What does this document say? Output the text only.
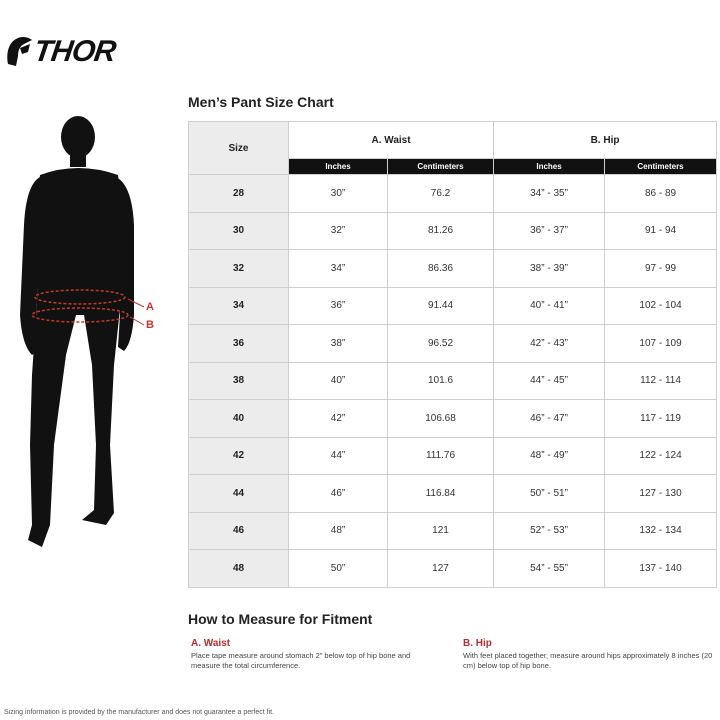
THOR
A
B
Men’s Pant Size Chart
Size	A. Waist		B. Hip	
	Inches	Centimeters	Inches	Centimeters
28	30”	76.2	34” - 35”	86 - 89
30	32”	81.26	36” - 37”	91 - 94
32	34”	86.36	38” - 39”	97 - 99
34	36”	91.44	40” - 41”	102 - 104
36	38”	96.52	42” - 43”	107 - 109
38	40”	101.6	44” - 45”	112 - 114
40	42”	106.68	46” - 47”	117 - 119
42	44”	111.76	48” - 49”	122 - 124
44	46”	116.84	50” - 51”	127 - 130
46	48”	121	52” - 53”	132 - 134
48	50”	127	54” - 55”	137 - 140
How to Measure for Fitment
A. Waist
Place tape measure around stomach 2” below top of hip bone and measure the total circumference.
B. Hip
With feet placed together, measure around hips approximately 8 inches (20 cm) below top of hip bone.
Sizing information is provided by the manufacturer and does not guarantee a perfect fit.
